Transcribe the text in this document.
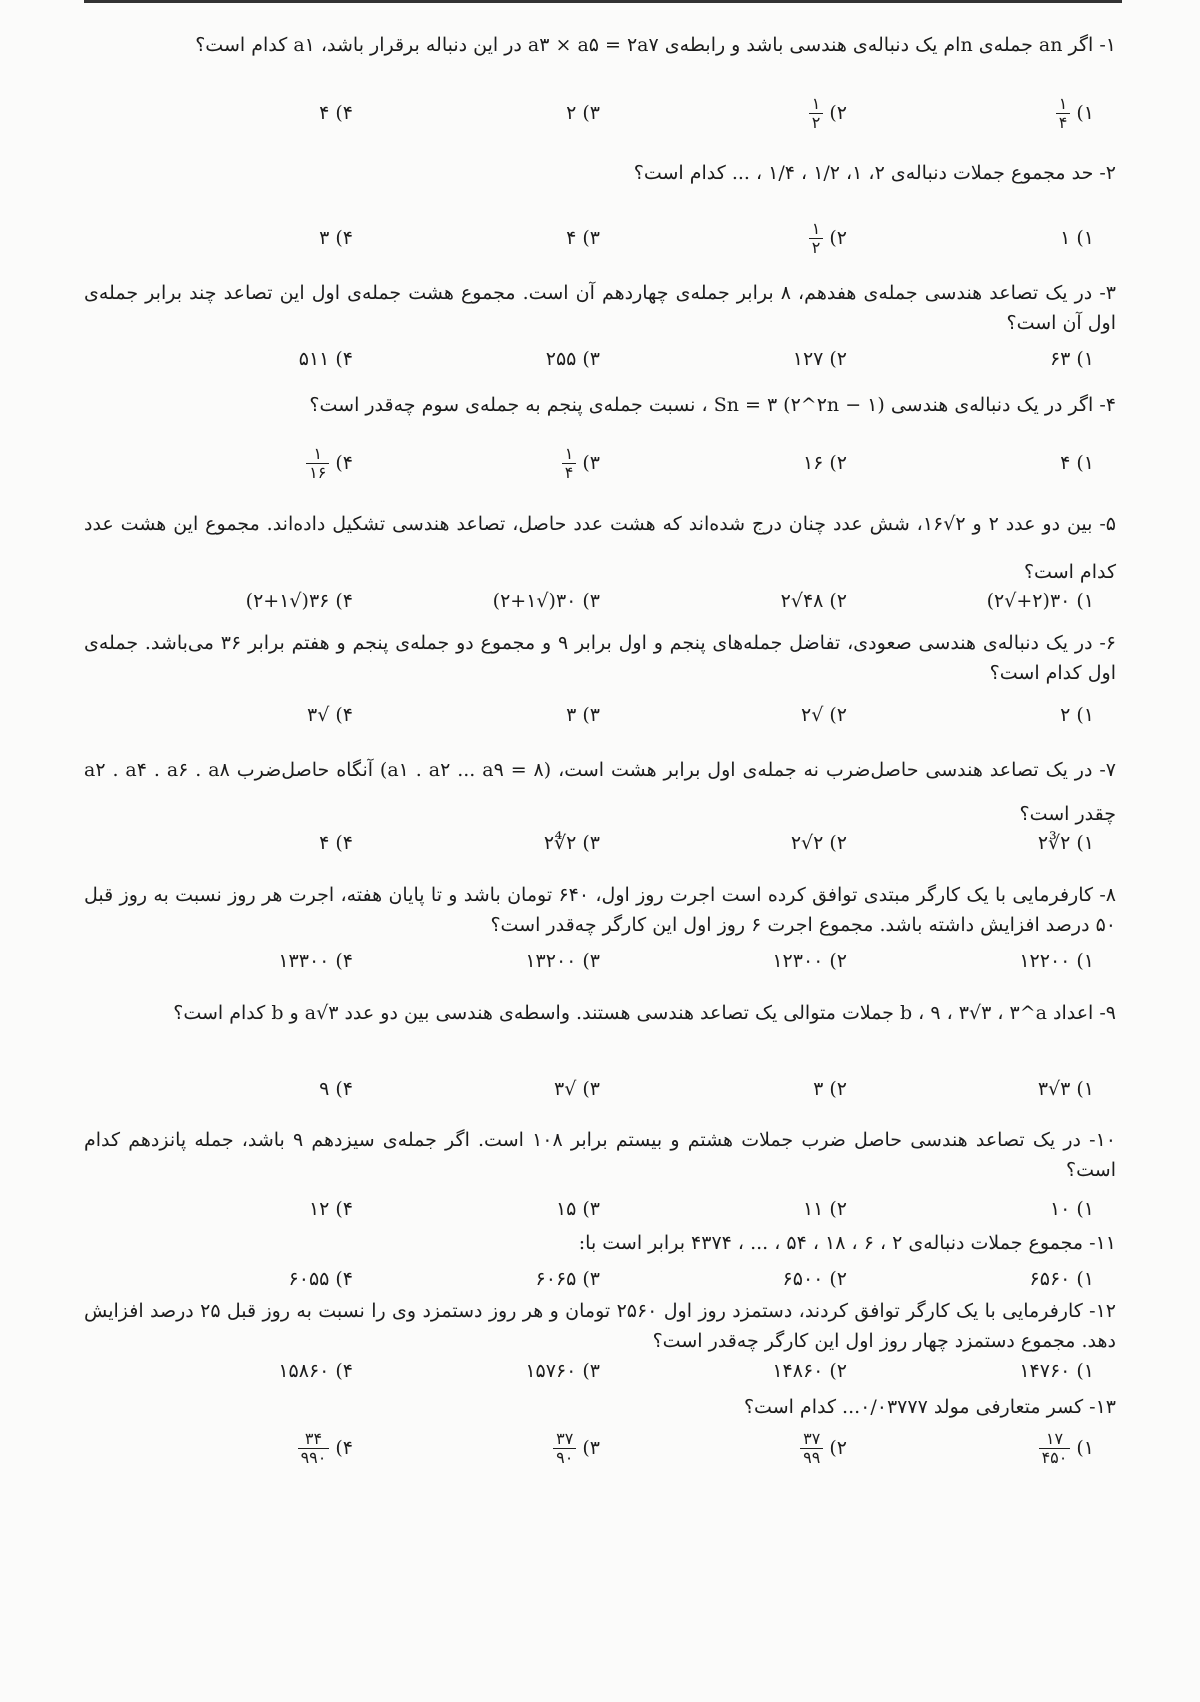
۱- اگر an جمله‌ی nام یک دنباله‌ی هندسی باشد و رابطه‌ی a۳ × a۵ = ۲a۷ در این دنباله برقرار باشد، a۱ کدام است؟
۱)
$\frac{۱}{۴}$
۲)
$\frac{۱}{۲}$
۳)
۲
۴)
۴
۲- حد مجموع جملات دنباله‌ی ۲، ۱، ۱/۲ ، ۱/۴ ، ... کدام است؟
۱)
۱
۲)
$\frac{۱}{۲}$
۳)
۴
۴)
۳
۳- در یک تصاعد هندسی جمله‌ی هفدهم، ۸ برابر جمله‌ی چهاردهم آن است. مجموع هشت جمله‌ی اول این تصاعد چند برابر جمله‌ی اول آن است؟
۱)
۶۳
۲)
۱۲۷
۳)
۲۵۵
۴)
۵۱۱
۴- اگر در یک دنباله‌ی هندسی Sn = ۳ (۲^۲n − ۱) ، نسبت جمله‌ی پنجم به جمله‌ی سوم چه‌قدر است؟
۱)
۴
۲)
۱۶
۳)
$\frac{۱}{۴}$
۴)
$\frac{۱}{۱۶}$
۵- بین دو عدد ۲ و ۲√۱۶، شش عدد چنان درج شده‌اند که هشت عدد حاصل، تصاعد هندسی تشکیل داده‌اند. مجموع این هشت عدد کدام است؟
۱)
۳۰(۲+√۲)
۲)
۴۸√۲
۳)
۳۰(√۲+۱)
۴)
۳۶(√۲+۱)
۶- در یک دنباله‌ی هندسی صعودی، تفاضل جمله‌های پنجم و اول برابر ۹ و مجموع دو جمله‌ی پنجم و هفتم برابر ۳۶ می‌باشد. جمله‌ی اول کدام است؟
۱)
۲
۲)
√۲
۳)
۳
۴)
√۳
۷- در یک تصاعد هندسی حاصل‌ضرب نه جمله‌ی اول برابر هشت است، (a۱ . a۲ ... a۹ = ۸) آنگاه حاصل‌ضرب a۲ . a۴ . a۶ . a۸ چقدر است؟
۱)
۲∛۲
۲)
۲√۲
۳)
۲∜۲
۴)
۴
۸- کارفرمایی با یک کارگر مبتدی توافق کرده است اجرت روز اول، ۶۴۰ تومان باشد و تا پایان هفته، اجرت هر روز نسبت به روز قبل ۵۰ درصد افزایش داشته باشد. مجموع اجرت ۶ روز اول این کارگر چه‌قدر است؟
۱)
۱۲۲۰۰
۲)
۱۲۳۰۰
۳)
۱۳۲۰۰
۴)
۱۳۳۰۰
۹- اعداد b ، ۹ ، ۳√۳ ، ۳^a جملات متوالی یک تصاعد هندسی هستند. واسطه‌ی هندسی بین دو عدد a√۳ و b کدام است؟
۱)
۳√۳
۲)
۳
۳)
√۳
۴)
۹
۱۰- در یک تصاعد هندسی حاصل ضرب جملات هشتم و بیستم برابر ۱۰۸ است. اگر جمله‌ی سیزدهم ۹ باشد، جمله پانزدهم کدام است؟
۱)
۱۰
۲)
۱۱
۳)
۱۵
۴)
۱۲
۱۱- مجموع جملات دنباله‌ی ۲ ، ۶ ، ۱۸ ، ۵۴ ، ... ، ۴۳۷۴ برابر است با:
۱)
۶۵۶۰
۲)
۶۵۰۰
۳)
۶۰۶۵
۴)
۶۰۵۵
۱۲- کارفرمایی با یک کارگر توافق کردند، دستمزد روز اول ۲۵۶۰ تومان و هر روز دستمزد وی را نسبت به روز قبل ۲۵ درصد افزایش دهد. مجموع دستمزد چهار روز اول این کارگر چه‌قدر است؟
۱)
۱۴۷۶۰
۲)
۱۴۸۶۰
۳)
۱۵۷۶۰
۴)
۱۵۸۶۰
۱۳- کسر متعارفی مولد ۰/۰۳۷۷۷... کدام است؟
۱)
$\frac{۱۷}{۴۵۰}$
۲)
$\frac{۳۷}{۹۹}$
۳)
$\frac{۳۷}{۹۰}$
۴)
$\frac{۳۴}{۹۹۰}$
